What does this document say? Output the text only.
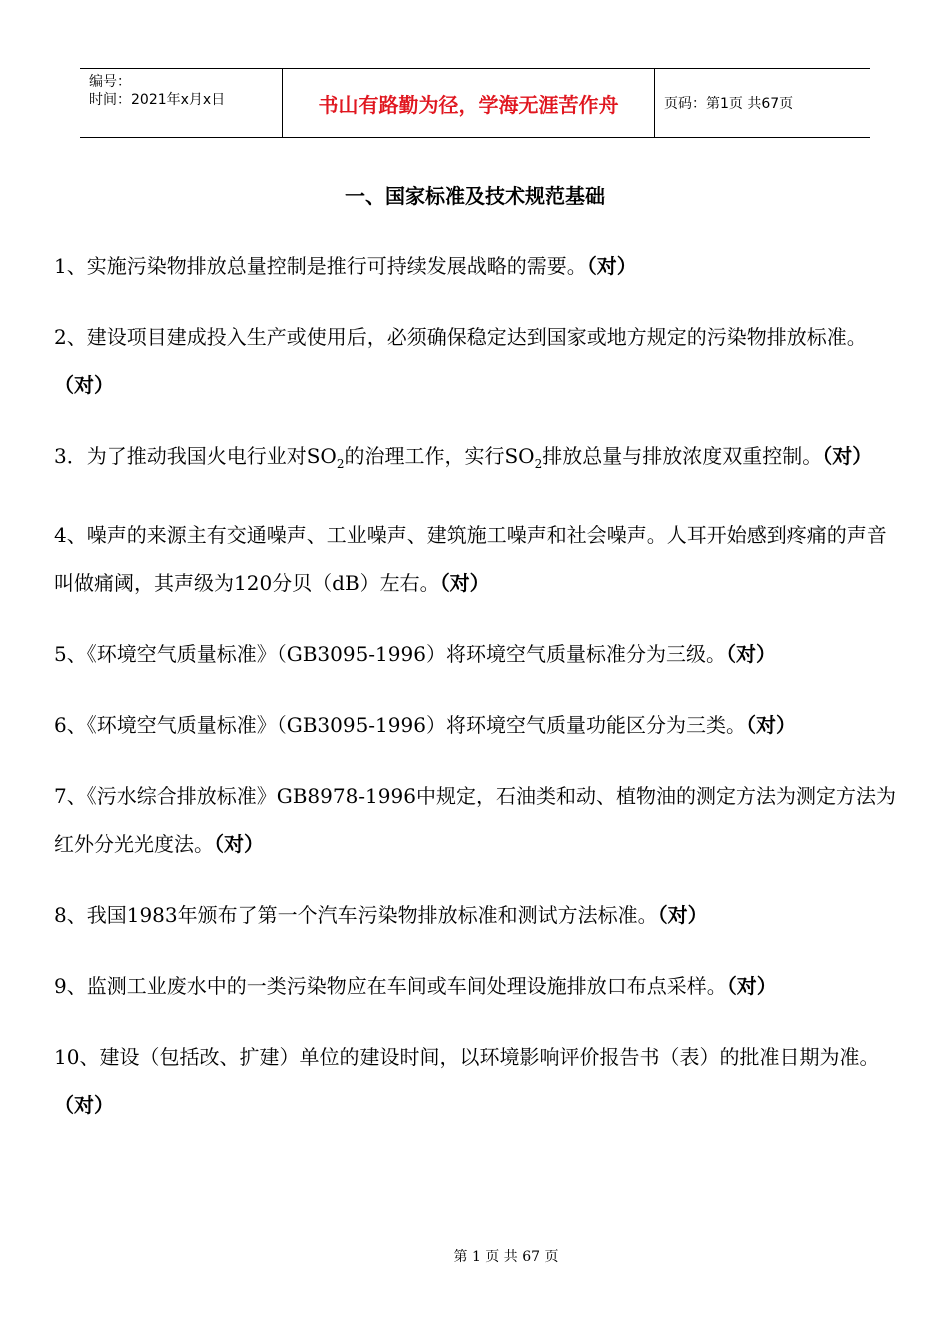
编号：
时间：2021年x月x日	书山有路勤为径，学海无涯苦作舟	页码：第1页 共67页
一、国家标准及技术规范基础
1、实施污染物排放总量控制是推行可持续发展战略的需要。（对）
2、建设项目建成投入生产或使用后，必须确保稳定达到国家或地方规定的污染物排放标准。（对）
3．为了推动我国火电行业对$SO_2$的治理工作，实行$SO_2$排放总量与排放浓度双重控制。（对）
4、噪声的来源主有交通噪声、工业噪声、建筑施工噪声和社会噪声。人耳开始感到疼痛的声音叫做痛阈，其声级为120分贝（dB）左右。（对）
5、《环境空气质量标准》（GB3095-1996）将环境空气质量标准分为三级。（对）
6、《环境空气质量标准》（GB3095-1996）将环境空气质量功能区分为三类。（对）
7、《污水综合排放标准》GB8978-1996中规定，石油类和动、植物油的测定方法为测定方法为红外分光光度法。（对）
8、我国1983年颁布了第一个汽车污染物排放标准和测试方法标准。（对）
9、监测工业废水中的一类污染物应在车间或车间处理设施排放口布点采样。（对）
10、建设（包括改、扩建）单位的建设时间，以环境影响评价报告书（表）的批准日期为准。（对）
第 1 页 共 67 页
